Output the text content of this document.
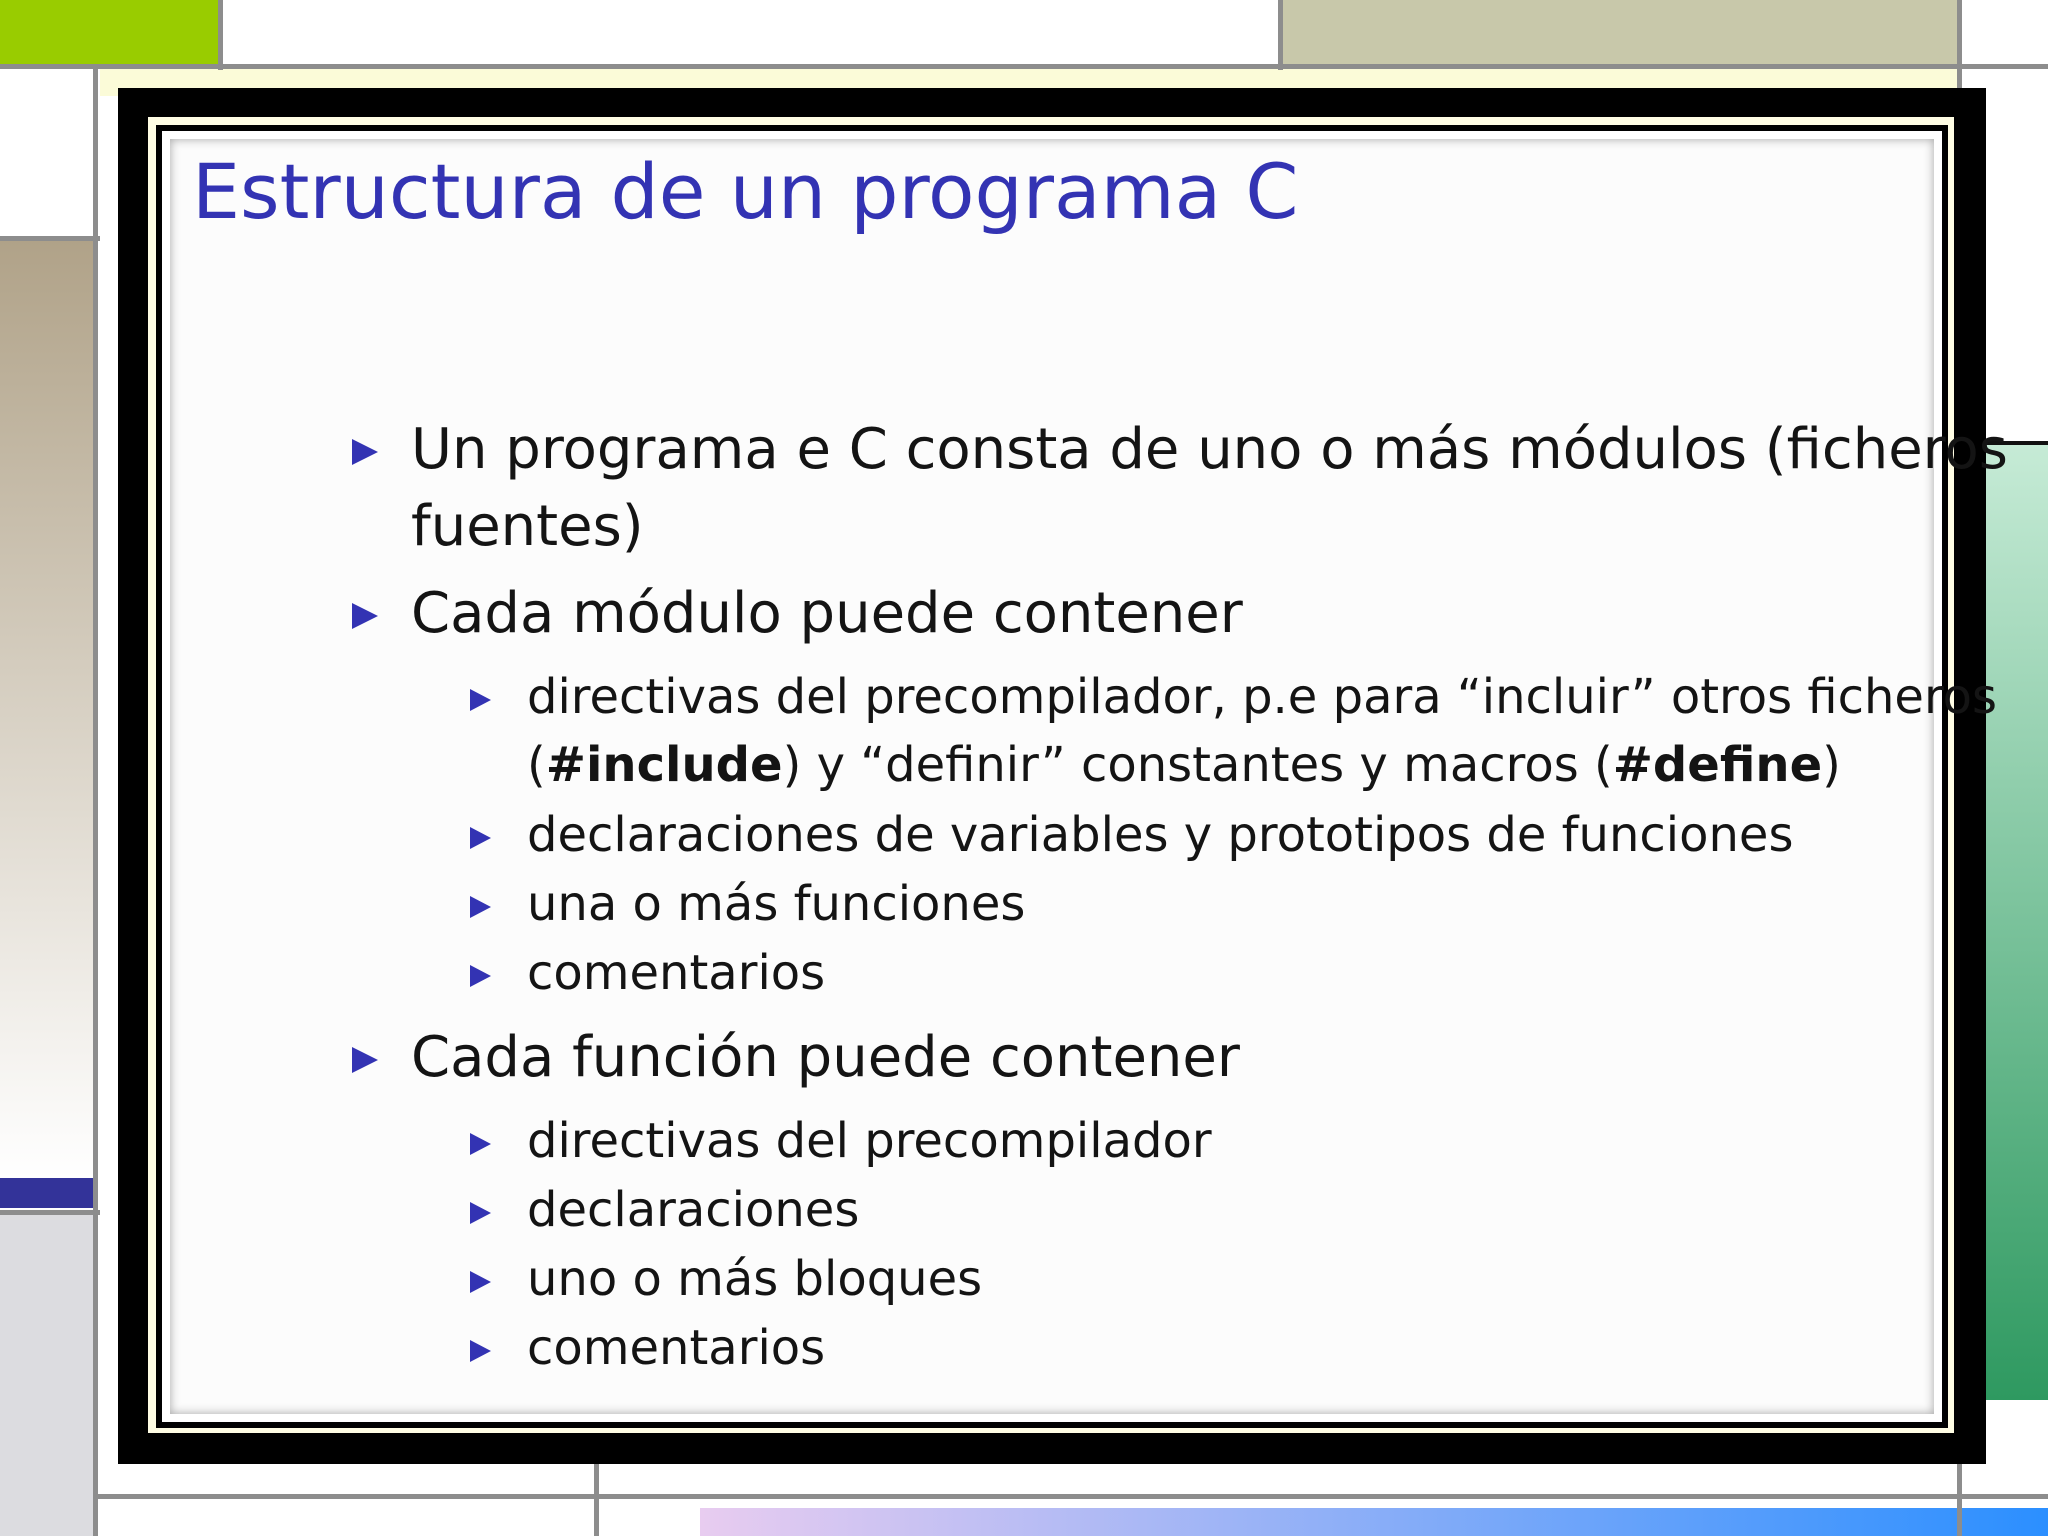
Estructura de un programa C
Un programa e C consta de uno o más módulos (ficheros
fuentes)
Cada módulo puede contener
directivas del precompilador, p.e para “incluir” otros ficheros
(#include) y “definir” constantes y macros (#define)
declaraciones de variables y prototipos de funciones
una o más funciones
comentarios
Cada función puede contener
directivas del precompilador
declaraciones
uno o más bloques
comentarios
